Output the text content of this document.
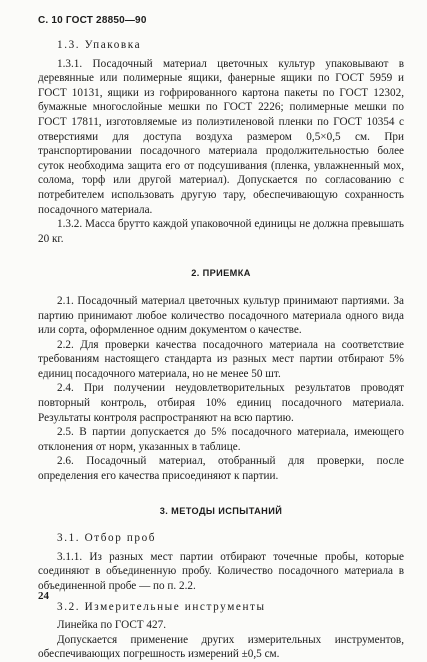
С. 10 ГОСТ 28850—90

1.3. Упаковка

1.3.1. Посадочный материал цветочных культур упаковывают в деревянные или полимерные ящики, фанерные ящики по ГОСТ 5959 и ГОСТ 10131, ящики из гофрированного картона пакеты по ГОСТ 12302, бумажные многослойные мешки по ГОСТ 2226; полимерные мешки по ГОСТ 17811, изготовляемые из полиэтиленовой пленки по ГОСТ 10354 с отверстиями для доступа воздуха размером 0,5×0,5 см. При транспортировании посадочного материала продолжительностью более суток необходима защита его от подсушивания (пленка, увлажненный мох, солома, торф или другой материал). Допускается по согласованию с потребителем использовать другую тару, обеспечивающую сохранность посадочного материала.

1.3.2. Масса брутто каждой упаковочной единицы не должна превышать 20 кг.

2. ПРИЕМКА

2.1. Посадочный материал цветочных культур принимают партиями. За партию принимают любое количество посадочного материала одного вида или сорта, оформленное одним документом о качестве.

2.2. Для проверки качества посадочного материала на соответствие требованиям настоящего стандарта из разных мест партии отбирают 5% единиц посадочного материала, но не менее 50 шт.

2.4. При получении неудовлетворительных результатов проводят повторный контроль, отбирая 10% единиц посадочного материала. Результаты контроля распространяют на всю партию.

2.5. В партии допускается до 5% посадочного материала, имеющего отклонения от норм, указанных в таблице.

2.6. Посадочный материал, отобранный для проверки, после определения его качества присоединяют к партии.

3. МЕТОДЫ ИСПЫТАНИЙ

3.1. Отбор проб

3.1.1. Из разных мест партии отбирают точечные пробы, которые соединяют в объединенную пробу. Количество посадочного материала в объединенной пробе — по п. 2.2.

3.2. Измерительные инструменты

Линейка по ГОСТ 427.

Допускается применение других измерительных инструментов, обеспечивающих погрешность измерений ±0,5 см.

24
